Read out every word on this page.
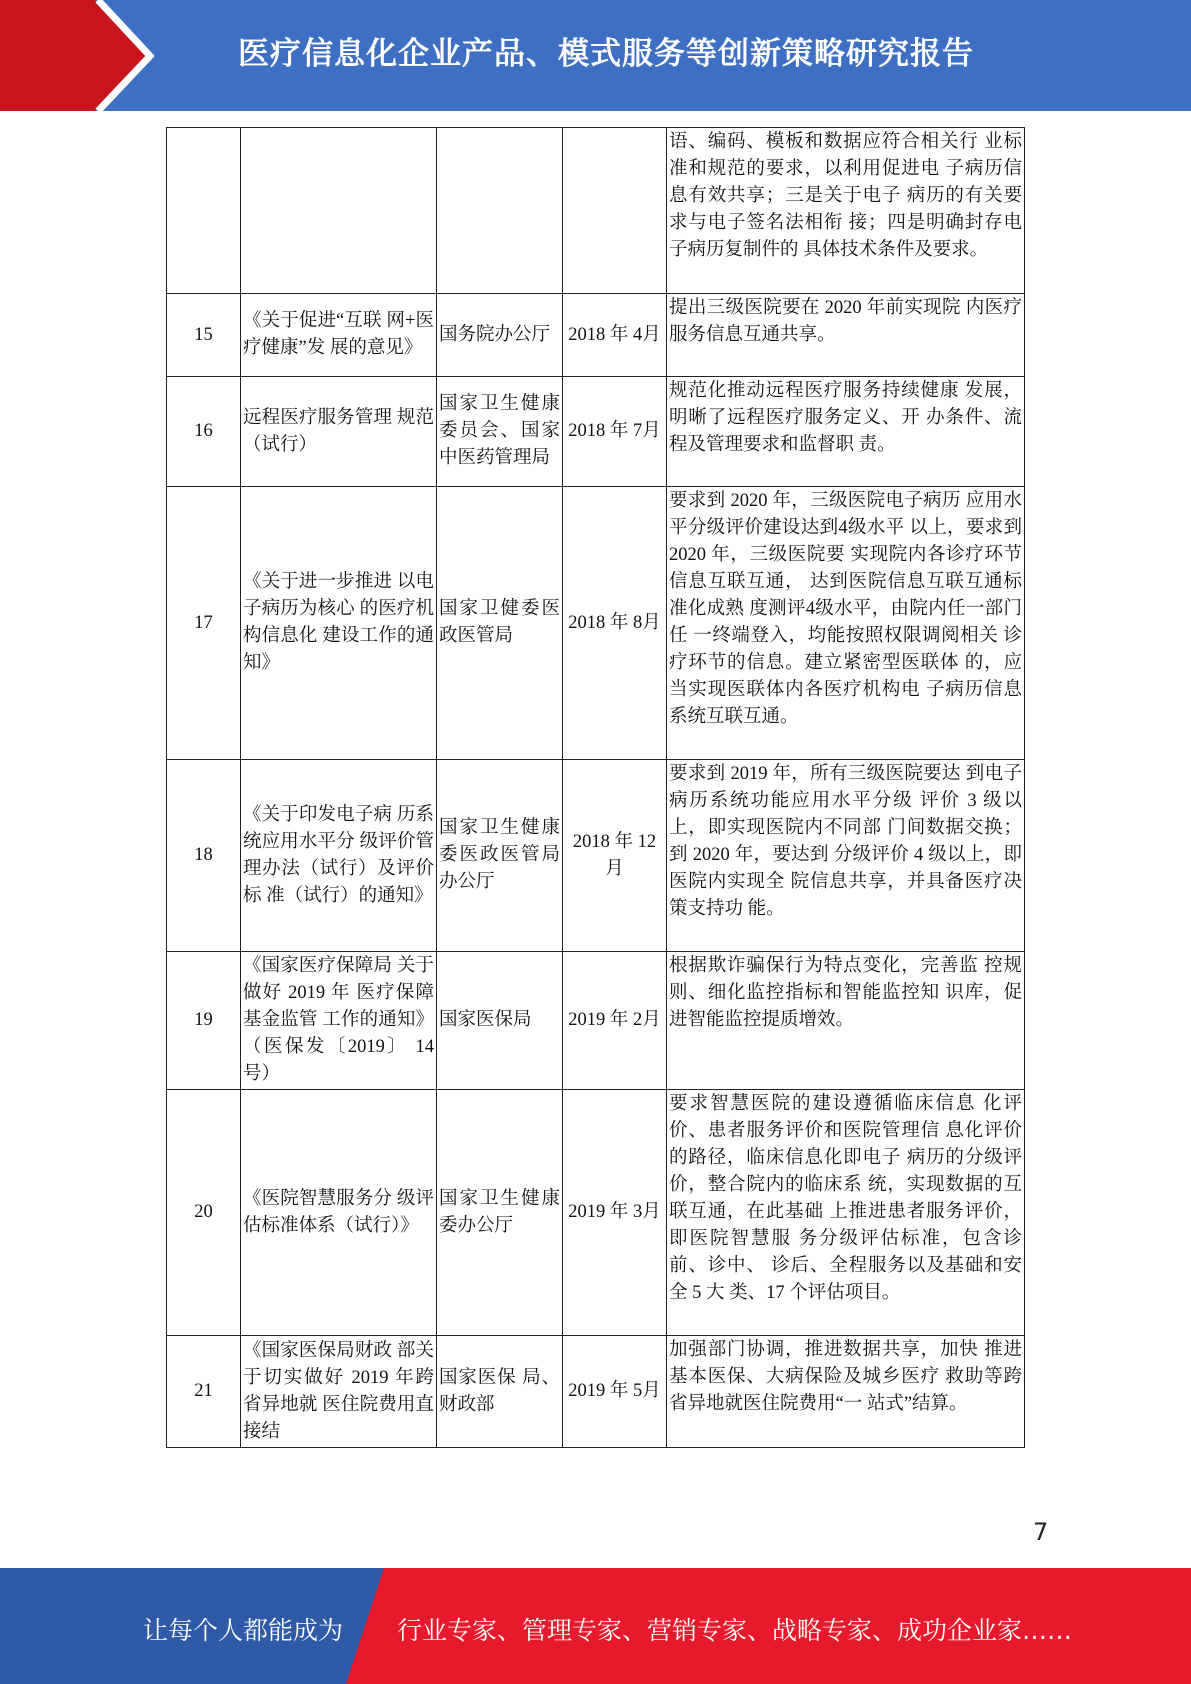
医疗信息化企业产品、模式服务等创新策略研究报告
				语、编码、模板和数据应符合相关行 业标准和规范的要求，以利用促进电 子病历信息有效共享；三是关于电子 病历的有关要求与电子签名法相衔 接；四是明确封存电子病历复制件的 具体技术条件及要求。
15	《关于促进“互联 网+医疗健康”发 展的意见》	国务院办公厅	2018 年 4月	提出三级医院要在 2020 年前实现院 内医疗服务信息互通共享。
16	远程医疗服务管理 规范（试行）	国家卫生健康委员会、国家中医药管理局	2018 年 7月	规范化推动远程医疗服务持续健康 发展，明晰了远程医疗服务定义、开 办条件、流程及管理要求和监督职 责。
17	《关于进一步推进 以电子病历为核心 的医疗机构信息化 建设工作的通知》	国家卫健委医政医管局	2018 年 8月	要求到 2020 年，三级医院电子病历 应用水平分级评价建设达到4级水平 以上，要求到 2020 年，三级医院要 实现院内各诊疗环节信息互联互通， 达到医院信息互联互通标准化成熟 度测评4级水平，由院内任一部门任 一终端登入，均能按照权限调阅相关 诊疗环节的信息。建立紧密型医联体 的，应当实现医联体内各医疗机构电 子病历信息系统互联互通。
18	《关于印发电子病 历系统应用水平分 级评价管理办法（试行）及评价标 准（试行）的通知》	国家卫生健康委医政医管局办公厅	2018 年 12 月	要求到 2019 年，所有三级医院要达 到电子病历系统功能应用水平分级 评价 3 级以上，即实现医院内不同部 门间数据交换；到 2020 年，要达到 分级评价 4 级以上，即医院内实现全 院信息共享，并具备医疗决策支持功 能。
19	《国家医疗保障局 关于做好 2019 年 医疗保障基金监管 工作的通知》（医保发〔2019〕 14 号）	国家医保局	2019 年 2月	根据欺诈骗保行为特点变化，完善监 控规则、细化监控指标和智能监控知 识库，促进智能监控提质增效。
20	《医院智慧服务分 级评估标准体系（试行）》	国家卫生健康委办公厅	2019 年 3月	要求智慧医院的建设遵循临床信息 化评价、患者服务评价和医院管理信 息化评价的路径，临床信息化即电子 病历的分级评价，整合院内的临床系 统，实现数据的互联互通，在此基础 上推进患者服务评价，即医院智慧服 务分级评估标准，包含诊前、诊中、 诊后、全程服务以及基础和安全 5 大 类、17 个评估项目。
21	《国家医保局财政 部关于切实做好 2019 年跨省异地就 医住院费用直接结	国家医保 局、财政部	2019 年 5月	加强部门协调，推进数据共享，加快 推进基本医保、大病保险及城乡医疗 救助等跨省异地就医住院费用“一 站式”结算。
7
让每个人都能成为 行业专家、管理专家、营销专家、战略专家、成功企业家……
